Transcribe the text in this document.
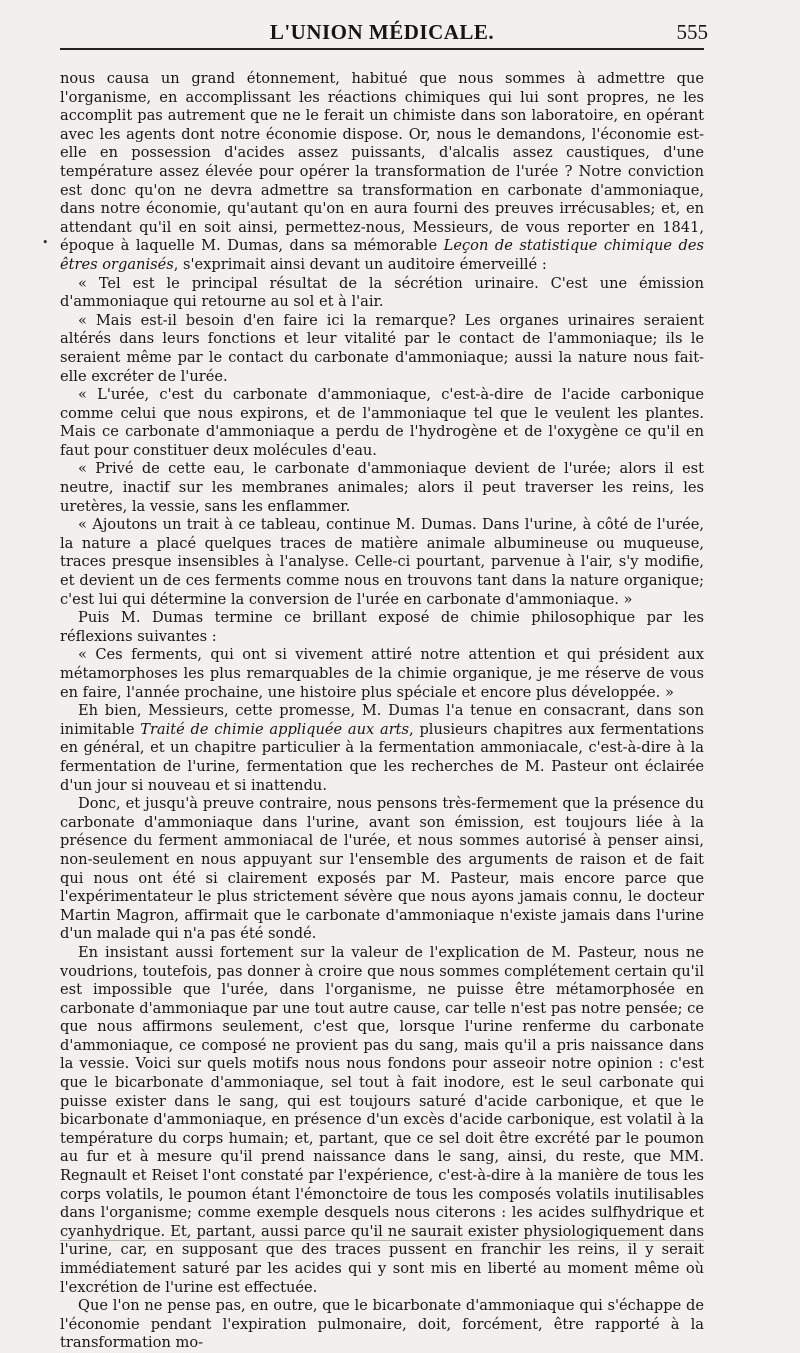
L'UNION MÉDICALE.	555
•

nous causa un grand étonnement, habitué que nous sommes à admettre que l'organisme, en accomplissant les réactions chimiques qui lui sont propres, ne les accomplit pas autrement que ne le ferait un chimiste dans son laboratoire, en opérant avec les agents dont notre économie dispose. Or, nous le demandons, l'économie est-elle en possession d'acides assez puissants, d'alcalis assez caustiques, d'une température assez élevée pour opérer la transformation de l'urée ? Notre conviction est donc qu'on ne devra admettre sa transformation en carbonate d'ammoniaque, dans notre économie, qu'autant qu'on en aura fourni des preuves irrécusables; et, en attendant qu'il en soit ainsi, permettez-nous, Messieurs, de vous reporter en 1841, époque à laquelle M. Dumas, dans sa mémorable Leçon de statistique chimique des êtres organisés, s'exprimait ainsi devant un auditoire émerveillé :

« Tel est le principal résultat de la sécrétion urinaire. C'est une émission d'ammoniaque qui retourne au sol et à l'air.

« Mais est-il besoin d'en faire ici la remarque? Les organes urinaires seraient altérés dans leurs fonctions et leur vitalité par le contact de l'ammoniaque; ils le seraient même par le contact du carbonate d'ammoniaque; aussi la nature nous fait-elle excréter de l'urée.

« L'urée, c'est du carbonate d'ammoniaque, c'est-à-dire de l'acide carbonique comme celui que nous expirons, et de l'ammoniaque tel que le veulent les plantes. Mais ce carbonate d'ammoniaque a perdu de l'hydrogène et de l'oxygène ce qu'il en faut pour constituer deux molécules d'eau.

« Privé de cette eau, le carbonate d'ammoniaque devient de l'urée; alors il est neutre, inactif sur les membranes animales; alors il peut traverser les reins, les uretères, la vessie, sans les enflammer.

« Ajoutons un trait à ce tableau, continue M. Dumas. Dans l'urine, à côté de l'urée, la nature a placé quelques traces de matière animale albumineuse ou muqueuse, traces presque insensibles à l'analyse. Celle-ci pourtant, parvenue à l'air, s'y modifie, et devient un de ces ferments comme nous en trouvons tant dans la nature organique; c'est lui qui détermine la conversion de l'urée en carbonate d'ammoniaque. »

Puis M. Dumas termine ce brillant exposé de chimie philosophique par les réflexions suivantes :

« Ces ferments, qui ont si vivement attiré notre attention et qui président aux métamorphoses les plus remarquables de la chimie organique, je me réserve de vous en faire, l'année prochaine, une histoire plus spéciale et encore plus développée. »

Eh bien, Messieurs, cette promesse, M. Dumas l'a tenue en consacrant, dans son inimitable Traité de chimie appliquée aux arts, plusieurs chapitres aux fermentations en général, et un chapitre particulier à la fermentation ammoniacale, c'est-à-dire à la fermentation de l'urine, fermentation que les recherches de M. Pasteur ont éclairée d'un jour si nouveau et si inattendu.

Donc, et jusqu'à preuve contraire, nous pensons très-fermement que la présence du carbonate d'ammoniaque dans l'urine, avant son émission, est toujours liée à la présence du ferment ammoniacal de l'urée, et nous sommes autorisé à penser ainsi, non-seulement en nous appuyant sur l'ensemble des arguments de raison et de fait qui nous ont été si clairement exposés par M. Pasteur, mais encore parce que l'expérimentateur le plus strictement sévère que nous ayons jamais connu, le docteur Martin Magron, affirmait que le carbonate d'ammoniaque n'existe jamais dans l'urine d'un malade qui n'a pas été sondé.

En insistant aussi fortement sur la valeur de l'explication de M. Pasteur, nous ne voudrions, toutefois, pas donner à croire que nous sommes complétement certain qu'il est impossible que l'urée, dans l'organisme, ne puisse être métamorphosée en carbonate d'ammoniaque par une tout autre cause, car telle n'est pas notre pensée; ce que nous affirmons seulement, c'est que, lorsque l'urine renferme du carbonate d'ammoniaque, ce composé ne provient pas du sang, mais qu'il a pris naissance dans la vessie. Voici sur quels motifs nous nous fondons pour asseoir notre opinion : c'est que le bicarbonate d'ammoniaque, sel tout à fait inodore, est le seul carbonate qui puisse exister dans le sang, qui est toujours saturé d'acide carbonique, et que le bicarbonate d'ammoniaque, en présence d'un excès d'acide carbonique, est volatil à la température du corps humain; et, partant, que ce sel doit être excrété par le poumon au fur et à mesure qu'il prend naissance dans le sang, ainsi, du reste, que MM. Regnault et Reiset l'ont constaté par l'expérience, c'est-à-dire à la manière de tous les corps volatils, le poumon étant l'émonctoire de tous les composés volatils inutilisables dans l'organisme; comme exemple desquels nous citerons : les acides sulfhydrique et cyanhydrique. Et, partant, aussi parce qu'il ne saurait exister physiologiquement dans l'urine, car, en supposant que des traces pussent en franchir les reins, il y serait immédiatement saturé par les acides qui y sont mis en liberté au moment même où l'excrétion de l'urine est effectuée.

Que l'on ne pense pas, en outre, que le bicarbonate d'ammoniaque qui s'échappe de l'économie pendant l'expiration pulmonaire, doit, forcément, être rapporté à la transformation mo-
